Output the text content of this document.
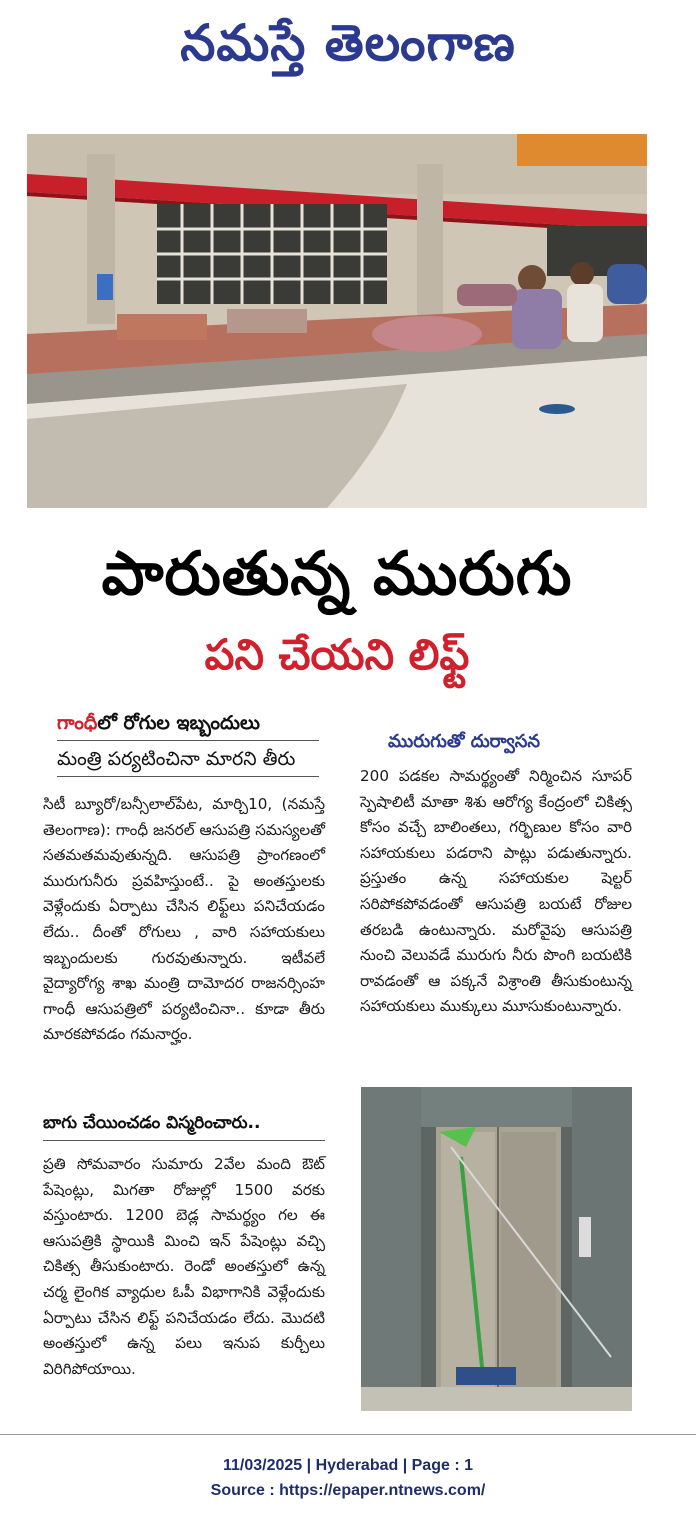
నమస్తే తెలంగాణ
పారుతున్న మురుగు
పని చేయని లిఫ్ట్
గాంధీలో రోగుల ఇబ్బందులు
మంత్రి పర్యటించినా మారని తీరు
సిటీ బ్యూరో/బన్సీలాల్‌పేట, మార్చి10, (నమస్తే తెలంగాణ): గాంధీ జనరల్ ఆసుపత్రి సమస్యలతో సతమతమవుతున్నది. ఆసుపత్రి ప్రాంగణంలో మురుగునీరు ప్రవహిస్తుంటే.. పై అంతస్తులకు వెళ్లేందుకు ఏర్పాటు చేసిన లిఫ్ట్‌లు పనిచేయడం లేదు.. దీంతో రోగులు , వారి సహాయకులు ఇబ్బందులకు గురవుతున్నారు. ఇటీవలే వైద్యారోగ్య శాఖ మంత్రి దామోదర రాజనర్సింహ గాంధీ ఆసుపత్రిలో పర్యటించినా.. కూడా తీరు మారకపోవడం గమనార్హం.
బాగు చేయించడం విస్మరించారు..
ప్రతి సోమవారం సుమారు 2వేల మంది ఔట్ పేషెంట్లు, మిగతా రోజుల్లో 1500 వరకు వస్తుంటారు. 1200 బెడ్ల సామర్థ్యం గల ఈ ఆసుపత్రికి స్థాయికి మించి ఇన్ పేషెంట్లు వచ్చి చికిత్స తీసుకుంటారు. రెండో అంతస్తులో ఉన్న చర్మ లైంగిక వ్యాధుల ఓపీ విభాగానికి వెళ్లేందుకు ఏర్పాటు చేసిన లిఫ్ట్ పనిచేయడం లేదు. మొదటి అంతస్తులో ఉన్న పలు ఇనుప కుర్చీలు విరిగిపోయాయి.
మురుగుతో దుర్వాసన
200 పడకల సామర్థ్యంతో నిర్మించిన సూపర్ స్పెషాలిటీ మాతా శిశు ఆరోగ్య కేంద్రంలో చికిత్స కోసం వచ్చే బాలింతలు, గర్భిణుల కోసం వారి సహాయకులు పడరాని పాట్లు పడుతున్నారు. ప్రస్తుతం ఉన్న సహాయకుల షెల్టర్ సరిపోకపోవడంతో ఆసుపత్రి బయటే రోజుల తరబడి ఉంటున్నారు. మరోవైపు ఆసుపత్రి నుంచి వెలువడే మురుగు నీరు పొంగి బయటికి రావడంతో ఆ పక్కనే విశ్రాంతి తీసుకుంటున్న సహాయకులు ముక్కులు మూసుకుంటున్నారు.
11/03/2025 | Hyderabad | Page : 1
Source : https://epaper.ntnews.com/
